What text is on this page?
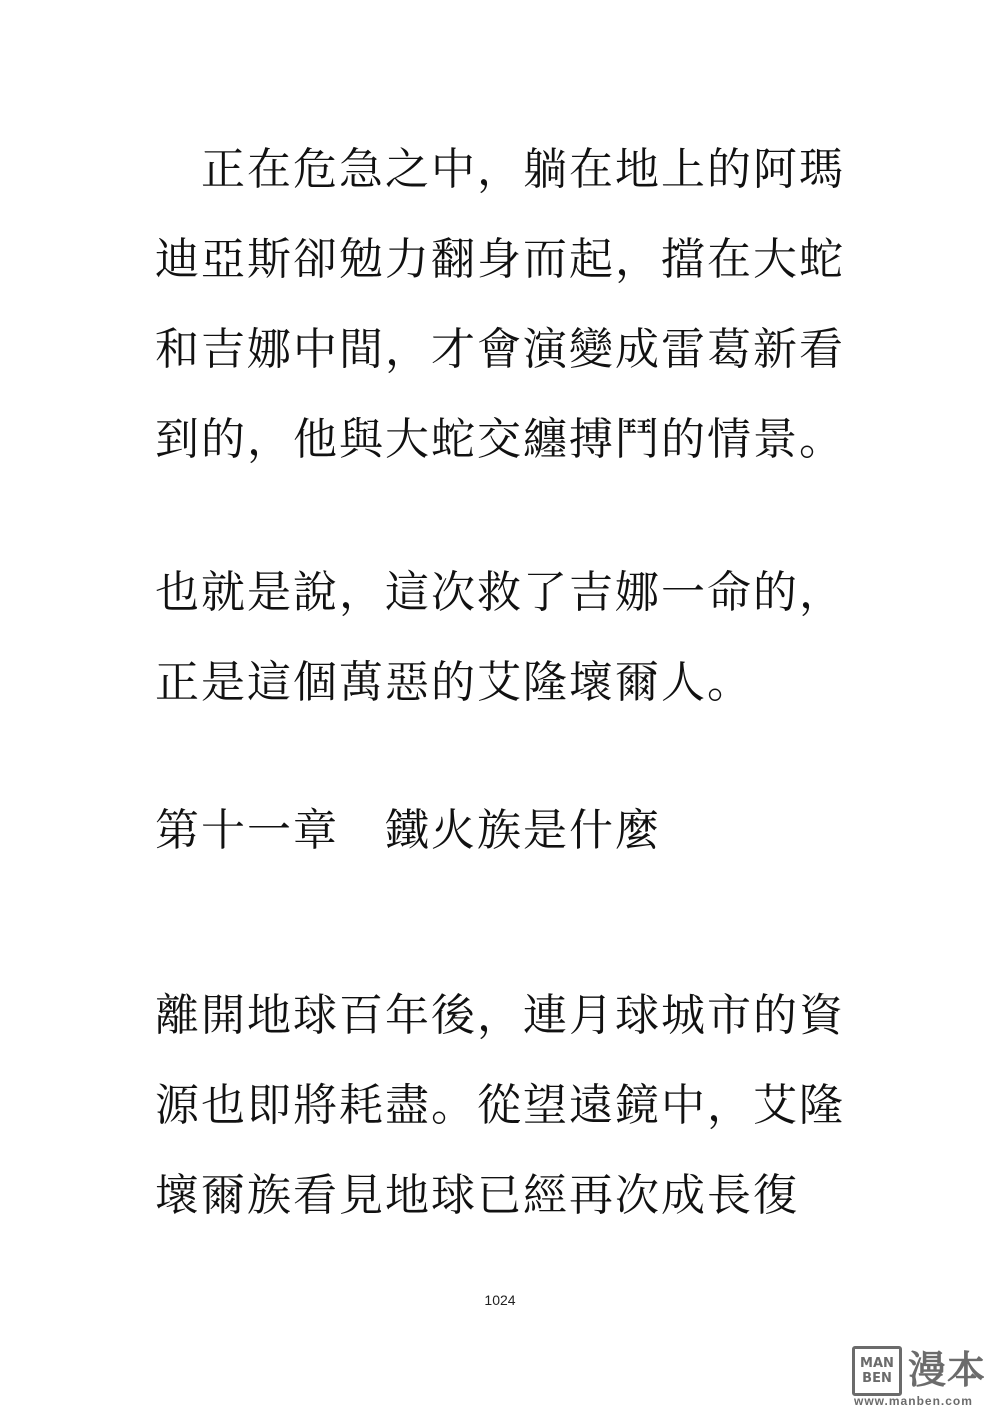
　正在危急之中，躺在地上的阿瑪
迪亞斯卻勉力翻身而起，擋在大蛇
和吉娜中間，才會演變成雷葛新看
到的，他與大蛇交纏搏鬥的情景。
也就是說，這次救了吉娜一命的，
正是這個萬惡的艾隆壞爾人。
第十一章　鐵火族是什麼
離開地球百年後，連月球城市的資
源也即將耗盡。從望遠鏡中，艾隆
壞爾族看見地球已經再次成長復
1024
MAN
BEN 漫本
www.manben.com
